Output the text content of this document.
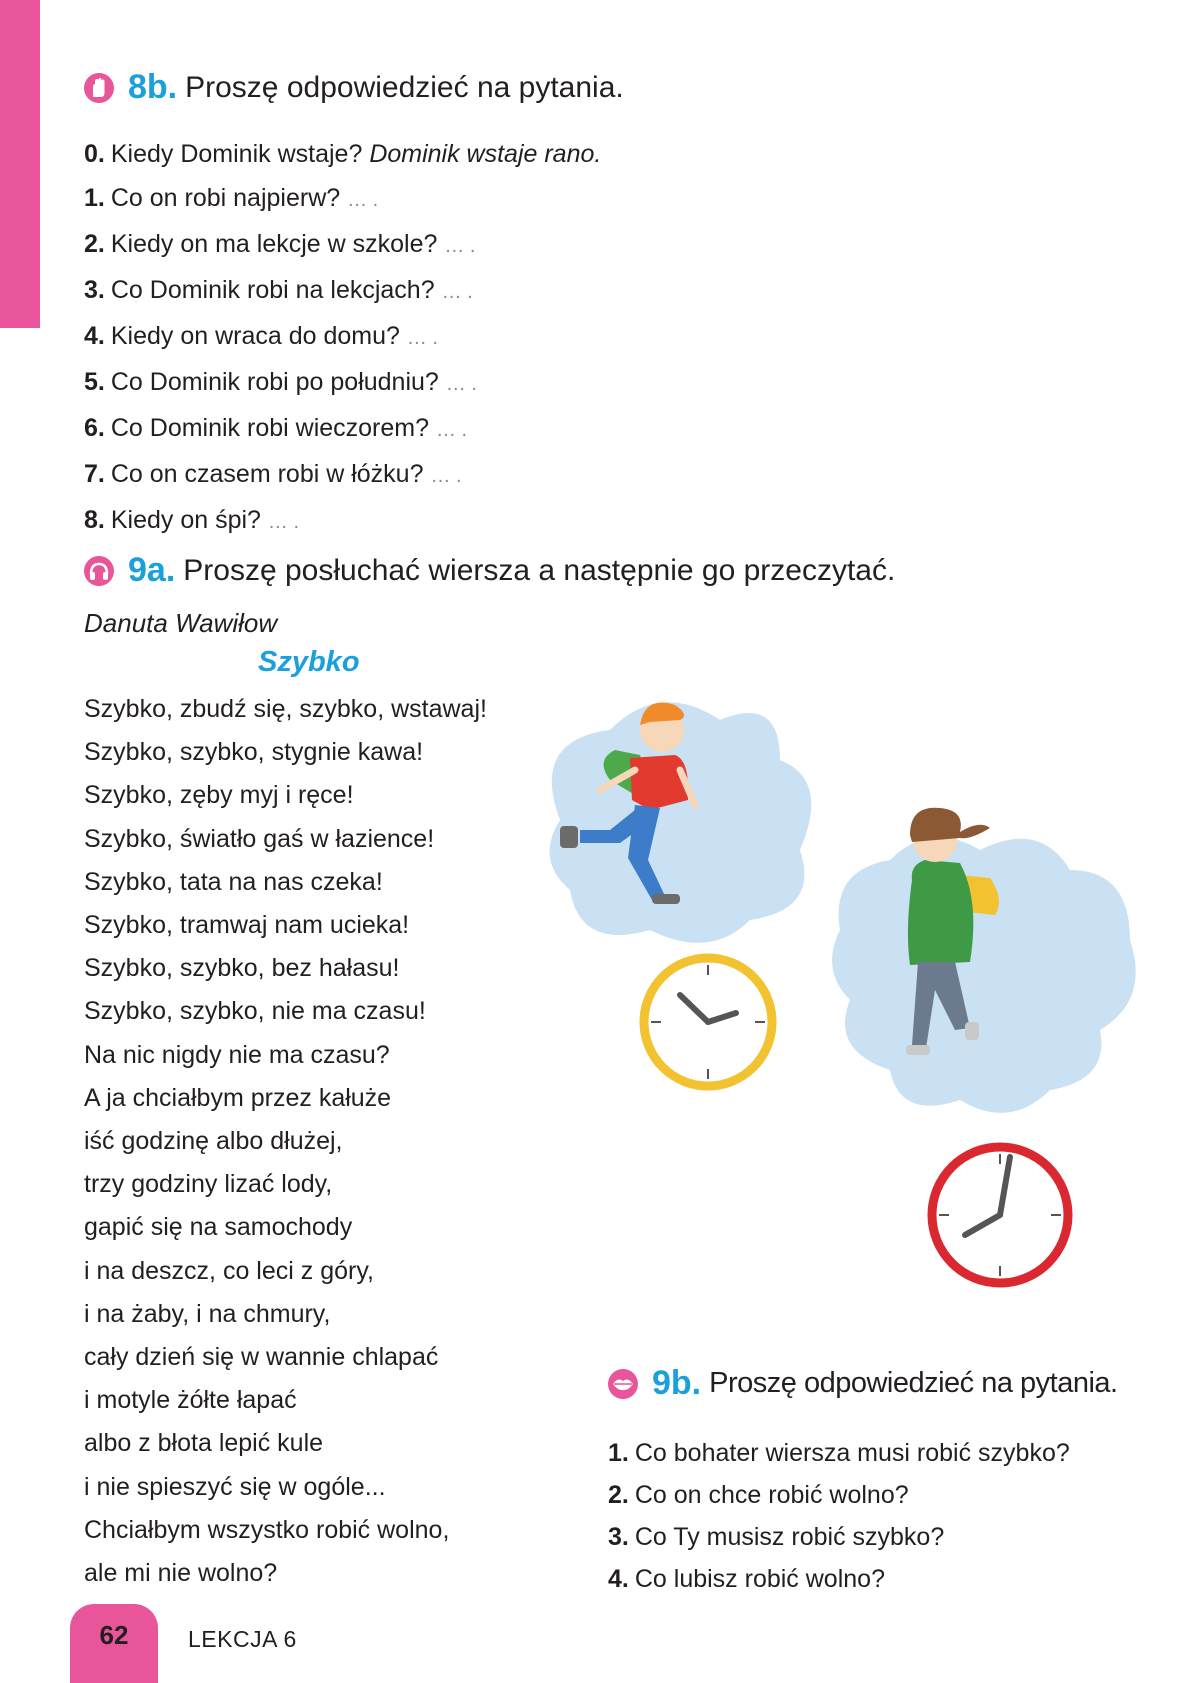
8b. Proszę odpowiedzieć na pytania.
0. Kiedy Dominik wstaje? Dominik wstaje rano.
1. Co on robi najpierw? … .
2. Kiedy on ma lekcje w szkole? … .
3. Co Dominik robi na lekcjach? … .
4. Kiedy on wraca do domu? … .
5. Co Dominik robi po południu? … .
6. Co Dominik robi wieczorem? … .
7. Co on czasem robi w łóżku? … .
8. Kiedy on śpi? … .
9a. Proszę posłuchać wiersza a następnie go przeczytać.
Danuta Wawiłow
Szybko
Szybko, zbudź się, szybko, wstawaj!
Szybko, szybko, stygnie kawa!
Szybko, zęby myj i ręce!
Szybko, światło gaś w łazience!
Szybko, tata na nas czeka!
Szybko, tramwaj nam ucieka!
Szybko, szybko, bez hałasu!
Szybko, szybko, nie ma czasu!
Na nic nigdy nie ma czasu?
A ja chciałbym przez kałuże
iść godzinę albo dłużej,
trzy godziny lizać lody,
gapić się na samochody
i na deszcz, co leci z góry,
i na żaby, i na chmury,
cały dzień się w wannie chlapać
i motyle żółte łapać
albo z błota lepić kule
i nie spieszyć się w ogóle...
Chciałbym wszystko robić wolno,
ale mi nie wolno?
9b. Proszę odpowiedzieć na pytania.
1. Co bohater wiersza musi robić szybko?
2. Co on chce robić wolno?
3. Co Ty musisz robić szybko?
4. Co lubisz robić wolno?
62	LEKCJA 6
